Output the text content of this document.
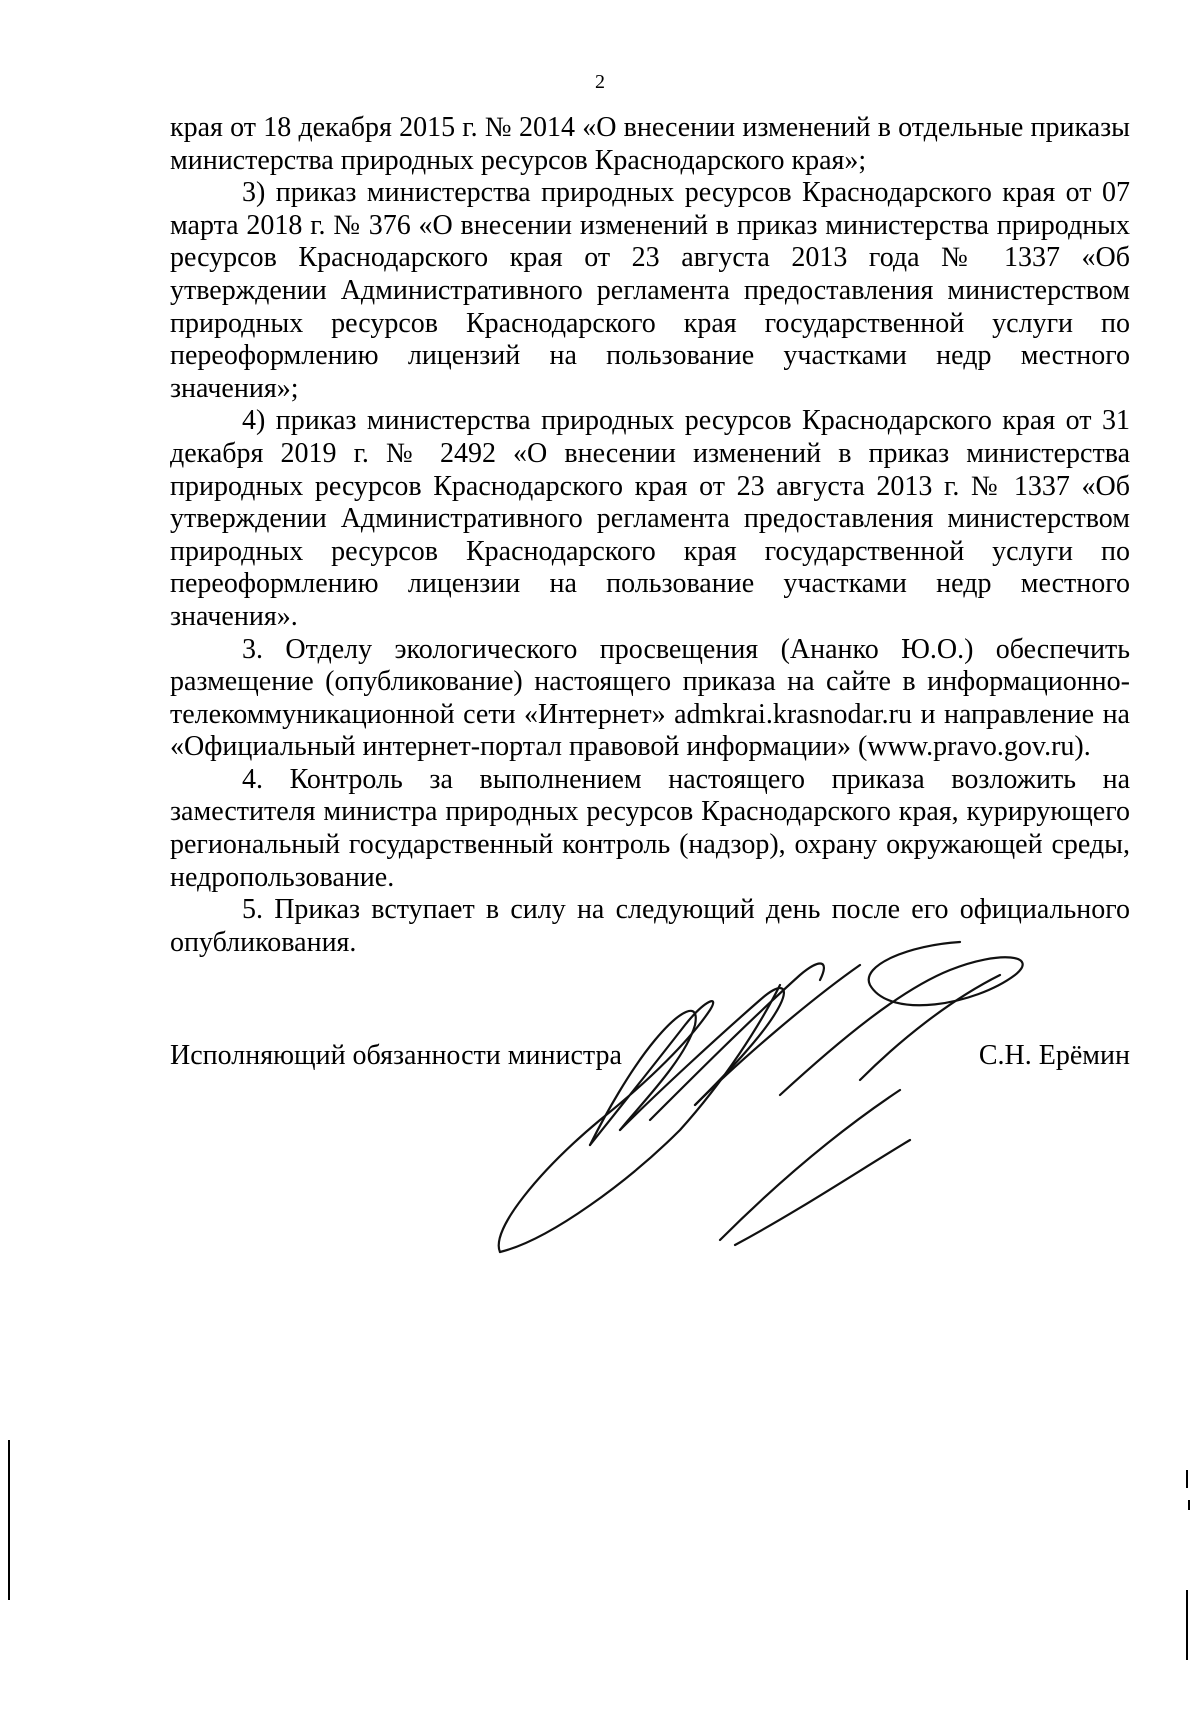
2

края от 18 декабря 2015 г. № 2014 «О внесении изменений в отдельные приказы министерства природных ресурсов Краснодарского края»;

3) приказ министерства природных ресурсов Краснодарского края от 07 марта 2018 г. № 376 «О внесении изменений в приказ министерства природных ресурсов Краснодарского края от 23 августа 2013 года № 1337 «Об утверждении Административного регламента предоставления министерством природных ресурсов Краснодарского края государственной услуги по переоформлению лицензий на пользование участками недр местного значения»;

4) приказ министерства природных ресурсов Краснодарского края от 31 декабря 2019 г. № 2492 «О внесении изменений в приказ министерства природных ресурсов Краснодарского края от 23 августа 2013 г. № 1337 «Об утверждении Административного регламента предоставления министерством природных ресурсов Краснодарского края государственной услуги по переоформлению лицензии на пользование участками недр местного значения».

3. Отделу экологического просвещения (Ананко Ю.О.) обеспечить размещение (опубликование) настоящего приказа на сайте в информационно-телекоммуникационной сети «Интернет» admkrai.krasnodar.ru и направление на «Официальный интернет-портал правовой информации» (www.pravo.gov.ru).

4. Контроль за выполнением настоящего приказа возложить на заместителя министра природных ресурсов Краснодарского края, курирующего региональный государственный контроль (надзор), охрану окружающей среды, недропользование.

5. Приказ вступает в силу на следующий день после его официального опубликования.

Исполняющий обязанности министра	С.Н. Ерёмин
